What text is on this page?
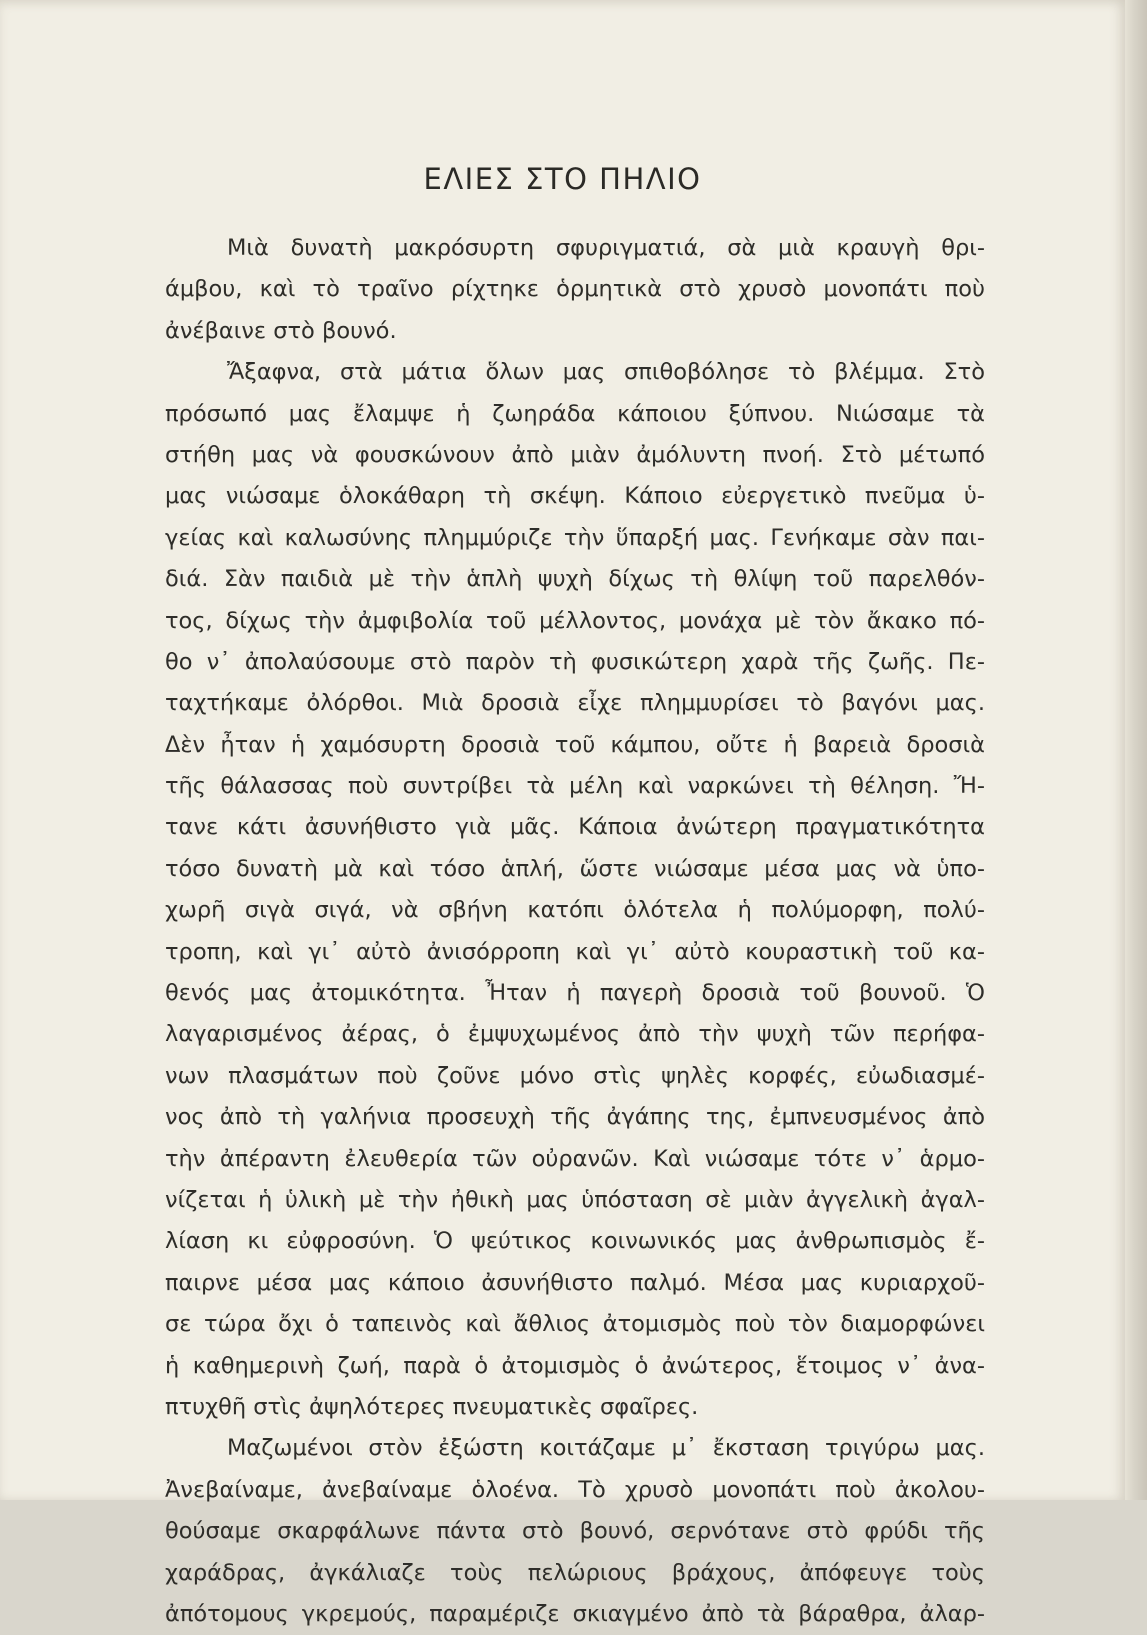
ΕΛΙΕΣ ΣΤΟ ΠΗΛΙΟ
Μιὰ δυνατὴ μακρόσυρτη σφυριγματιά, σὰ μιὰ κραυγὴ θρι-
άμβου, καὶ τὸ τραῖνο ρίχτηκε ὁρμητικὰ στὸ χρυσὸ μονοπάτι ποὺ
ἀνέβαινε στὸ βουνό.
Ἄξαφνα, στὰ μάτια ὅλων μας σπιθοβόλησε τὸ βλέμμα. Στὸ
πρόσωπό μας ἔλαμψε ἡ ζωηράδα κάποιου ξύπνου. Νιώσαμε τὰ
στήθη μας νὰ φουσκώνουν ἀπὸ μιὰν ἀμόλυντη πνοή. Στὸ μέτωπό
μας νιώσαμε ὁλοκάθαρη τὴ σκέψη. Κάποιο εὐεργετικὸ πνεῦμα ὑ-
γείας καὶ καλωσύνης πλημμύριζε τὴν ὕπαρξή μας. Γενήκαμε σὰν παι-
διά. Σὰν παιδιὰ μὲ τὴν ἁπλὴ ψυχὴ δίχως τὴ θλίψη τοῦ παρελθόν-
τος, δίχως τὴν ἀμφιβολία τοῦ μέλλοντος, μονάχα μὲ τὸν ἄκακο πό-
θο ν᾿ ἀπολαύσουμε στὸ παρὸν τὴ φυσικώτερη χαρὰ τῆς ζωῆς. Πε-
ταχτήκαμε ὀλόρθοι. Μιὰ δροσιὰ εἶχε πλημμυρίσει τὸ βαγόνι μας.
Δὲν ἦταν ἡ χαμόσυρτη δροσιὰ τοῦ κάμπου, οὔτε ἡ βαρειὰ δροσιὰ
τῆς θάλασσας ποὺ συντρίβει τὰ μέλη καὶ ναρκώνει τὴ θέληση. Ἤ-
τανε κάτι ἀσυνήθιστο γιὰ μᾶς. Κάποια ἀνώτερη πραγματικότητα
τόσο δυνατὴ μὰ καὶ τόσο ἁπλή, ὥστε νιώσαμε μέσα μας νὰ ὑπο-
χωρῆ σιγὰ σιγά, νὰ σβήνη κατόπι ὁλότελα ἡ πολύμορφη, πολύ-
τροπη, καὶ γι᾿ αὐτὸ ἀνισόρροπη καὶ γι᾿ αὐτὸ κουραστικὴ τοῦ κα-
θενός μας ἀτομικότητα. Ἦταν ἡ παγερὴ δροσιὰ τοῦ βουνοῦ. Ὁ
λαγαρισμένος ἀέρας, ὁ ἐμψυχωμένος ἀπὸ τὴν ψυχὴ τῶν περήφα-
νων πλασμάτων ποὺ ζοῦνε μόνο στὶς ψηλὲς κορφές, εὐωδιασμέ-
νος ἀπὸ τὴ γαλήνια προσευχὴ τῆς ἀγάπης της, ἐμπνευσμένος ἀπὸ
τὴν ἀπέραντη ἐλευθερία τῶν οὐρανῶν. Καὶ νιώσαμε τότε ν᾿ ἁρμο-
νίζεται ἡ ὑλικὴ μὲ τὴν ἠθικὴ μας ὑπόσταση σὲ μιὰν ἀγγελικὴ ἀγαλ-
λίαση κι εὐφροσύνη. Ὁ ψεύτικος κοινωνικός μας ἀνθρωπισμὸς ἔ-
παιρνε μέσα μας κάποιο ἀσυνήθιστο παλμό. Μέσα μας κυριαρχοῦ-
σε τώρα ὄχι ὁ ταπεινὸς καὶ ἄθλιος ἀτομισμὸς ποὺ τὸν διαμορφώνει
ἡ καθημερινὴ ζωή, παρὰ ὁ ἀτομισμὸς ὁ ἀνώτερος, ἕτοιμος ν᾿ ἀνα-
πτυχθῆ στὶς ἀψηλότερες πνευματικὲς σφαῖρες.
Μαζωμένοι στὸν ἐξώστη κοιτάζαμε μ᾿ ἔκσταση τριγύρω μας.
Ἀνεβαίναμε, ἀνεβαίναμε ὁλοένα. Τὸ χρυσὸ μονοπάτι ποὺ ἀκολου-
θούσαμε σκαρφάλωνε πάντα στὸ βουνό, σερνότανε στὸ φρύδι τῆς
χαράδρας, ἀγκάλιαζε τοὺς πελώριους βράχους, ἀπόφευγε τοὺς
ἀπότομους γκρεμούς, παραμέριζε σκιαγμένο ἀπὸ τὰ βάραθρα, ἀλαρ-
